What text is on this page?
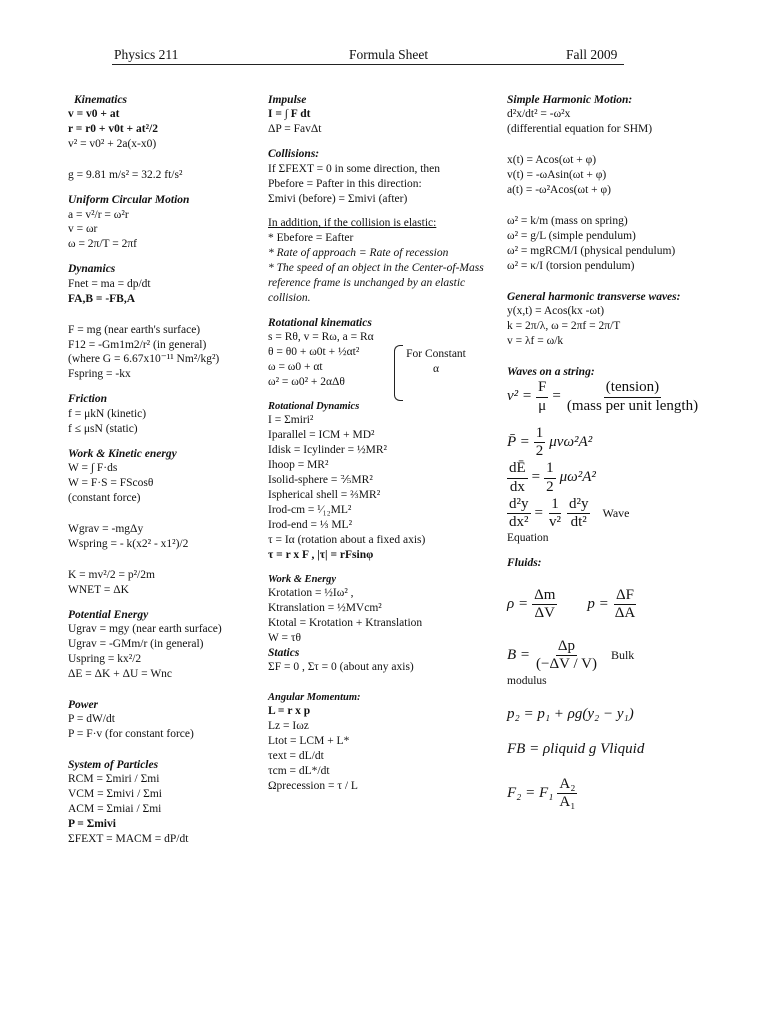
Physics 211	Formula Sheet	Fall 2009
Kinematics
v = v0 + at
r = r0 + v0t + at²/2
v² = v0² + 2a(x-x0)
g = 9.81 m/s² = 32.2 ft/s²
Uniform Circular Motion
a = v²/r = ω²r
v = ωr
ω = 2π/T = 2πf
Dynamics
Fnet = ma = dp/dt
FA,B = -FB,A
F = mg (near earth's surface)
F12 = -Gm1m2/r² (in general)
(where G = 6.67x10⁻¹¹ Nm²/kg²)
Fspring = -kx
Friction
f = μkN (kinetic)
f ≤ μsN (static)
Work & Kinetic energy
W = ∫ F·ds
W = F·S = FScosθ
(constant force)
Wgrav = -mgΔy
Wspring = - k(x2² - x1²)/2
K = mv²/2 = p²/2m
WNET = ΔK
Potential Energy
Ugrav = mgy (near earth surface)
Ugrav = -GMm/r (in general)
Uspring = kx²/2
ΔE = ΔK + ΔU = Wnc
Power
P = dW/dt
P = F·v (for constant force)
System of Particles
RCM = Σmiri / Σmi
VCM = Σmivi / Σmi
ACM = Σmiai / Σmi
P = Σmivi
ΣFEXT = MACM = dP/dt
Impulse
I = ∫ F dt
ΔP = FavΔt
Collisions:
If ΣFEXT = 0 in some direction, then
Pbefore = Pafter in this direction:
Σmivi (before) = Σmivi (after)
In addition, if the collision is elastic:
* Ebefore = Eafter
* Rate of approach = Rate of recession
* The speed of an object in the Center-of-Mass reference frame is unchanged by an elastic collision.
Rotational kinematics
s = Rθ, v = Rω, a = Rα
θ = θ0 + ω0t + ½αt²
ω = ω0 + αt
ω² = ω0² + 2αΔθ
For Constant α
Rotational Dynamics
I = Σmiri²
Iparallel = ICM + MD²
Idisk = Icylinder = ½MR²
Ihoop = MR²
Isolid-sphere = ⅖MR²
Ispherical shell = ⅔MR²
Irod-cm = ¹⁄₁₂ML²
Irod-end = ⅓ ML²
τ = Iα (rotation about a fixed axis)
τ = r x F , |τ| = rFsinφ
Work & Energy
Krotation = ½Iω² ,
Ktranslation = ½MVcm²
Ktotal = Krotation + Ktranslation
W = τθ
Statics
ΣF = 0 , Στ = 0 (about any axis)
Angular Momentum:
L = r x p
Lz = Iωz
Ltot = LCM + L*
τext = dL/dt
τcm = dL*/dt
Ωprecession = τ / L
Simple Harmonic Motion:
d²x/dt² = -ω²x
(differential equation for SHM)
x(t) = Acos(ωt + φ)
v(t) = -ωAsin(ωt + φ)
a(t) = -ω²Acos(ωt + φ)
ω² = k/m (mass on spring)
ω² = g/L (simple pendulum)
ω² = mgRCM/I (physical pendulum)
ω² = κ/I (torsion pendulum)
General harmonic transverse waves:
y(x,t) = Acos(kx -ωt)
k = 2π/λ, ω = 2πf = 2π/T
v = λf = ω/k
Waves on a string:
$v^2 = \frac{F}{\mu} = \frac{\text{(tension)}}{\text{(mass per unit length)}}$
P̄ = $\frac{1}{2} \mu v\omega^2A^2$
$\frac{dĒ}{dx} = \frac{1}{2} \mu\omega^2A^2$
$\frac{\text{d²y}}{\text{dx²}} = \frac{1}{\text{v²}} \frac{\text{d²y}}{\text{dt²}}$ Wave
Equation
Fluids:
$\rho = \frac{\Delta m}{\Delta V}$ $p = \frac{\Delta F}{\Delta A}$
$B = \frac{\Delta p}{(-\Delta V / V)}$ Bulk
modulus
p₂ = p₁ + ρg(y₂ − y₁)
FB = ρliquid g Vliquid
$F_2 = F_1 \frac{\text{A₂}}{\text{A₁}}$
